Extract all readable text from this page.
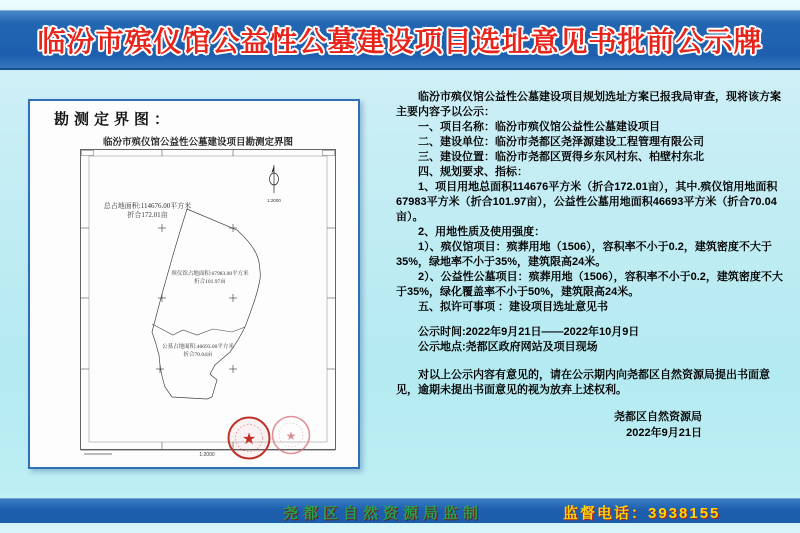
临汾市殡仪馆公益性公墓建设项目选址意见书批前公示牌
勘测定界图：
临汾市殡仪馆公益性公墓建设项目勘测定界图
1:2000
1:2000
★ ★
总占地面积:114676.00平方米
折合172.01亩
殡仪馆占地面积:67983.00平方米
折合101.97亩
公墓占地面积:46693.00平方米
折合70.04亩

临汾市殡仪馆公益性公墓建设项目规划选址方案已报我局审查，现将该方案主要内容予以公示：

一、项目名称：临汾市殡仪馆公益性公墓建设项目

二、建设单位：临汾市尧都区尧泽源建设工程管理有限公司

三、建设位置：临汾市尧都区贾得乡东风村东、柏壁村东北

四、规划要求、指标：

1、项目用地总面积114676平方米（折合172.01亩），其中.殡仪馆用地面积67983平方米（折合101.97亩），公益性公墓用地面积46693平方米（折合70.04亩）。

2、用地性质及使用强度：

1）、殡仪馆项目：殡葬用地（1506），容积率不小于0.2，建筑密度不大于35%，绿地率不小于35%，建筑限高24米。

2）、公益性公墓项目：殡葬用地（1506），容积率不小于0.2，建筑密度不大于35%，绿化覆盖率不小于50%，建筑限高24米。

五、拟许可事项 ：建设项目选址意见书

公示时间:2022年9月21日——2022年10月9日

公示地点:尧都区政府网站及项目现场

对以上公示内容有意见的，请在公示期内向尧都区自然资源局提出书面意见，逾期未提出书面意见的视为放弃上述权利。

尧都区自然资源局
2022年9月21日
尧都区自然资源局监制	监督电话：3938155
